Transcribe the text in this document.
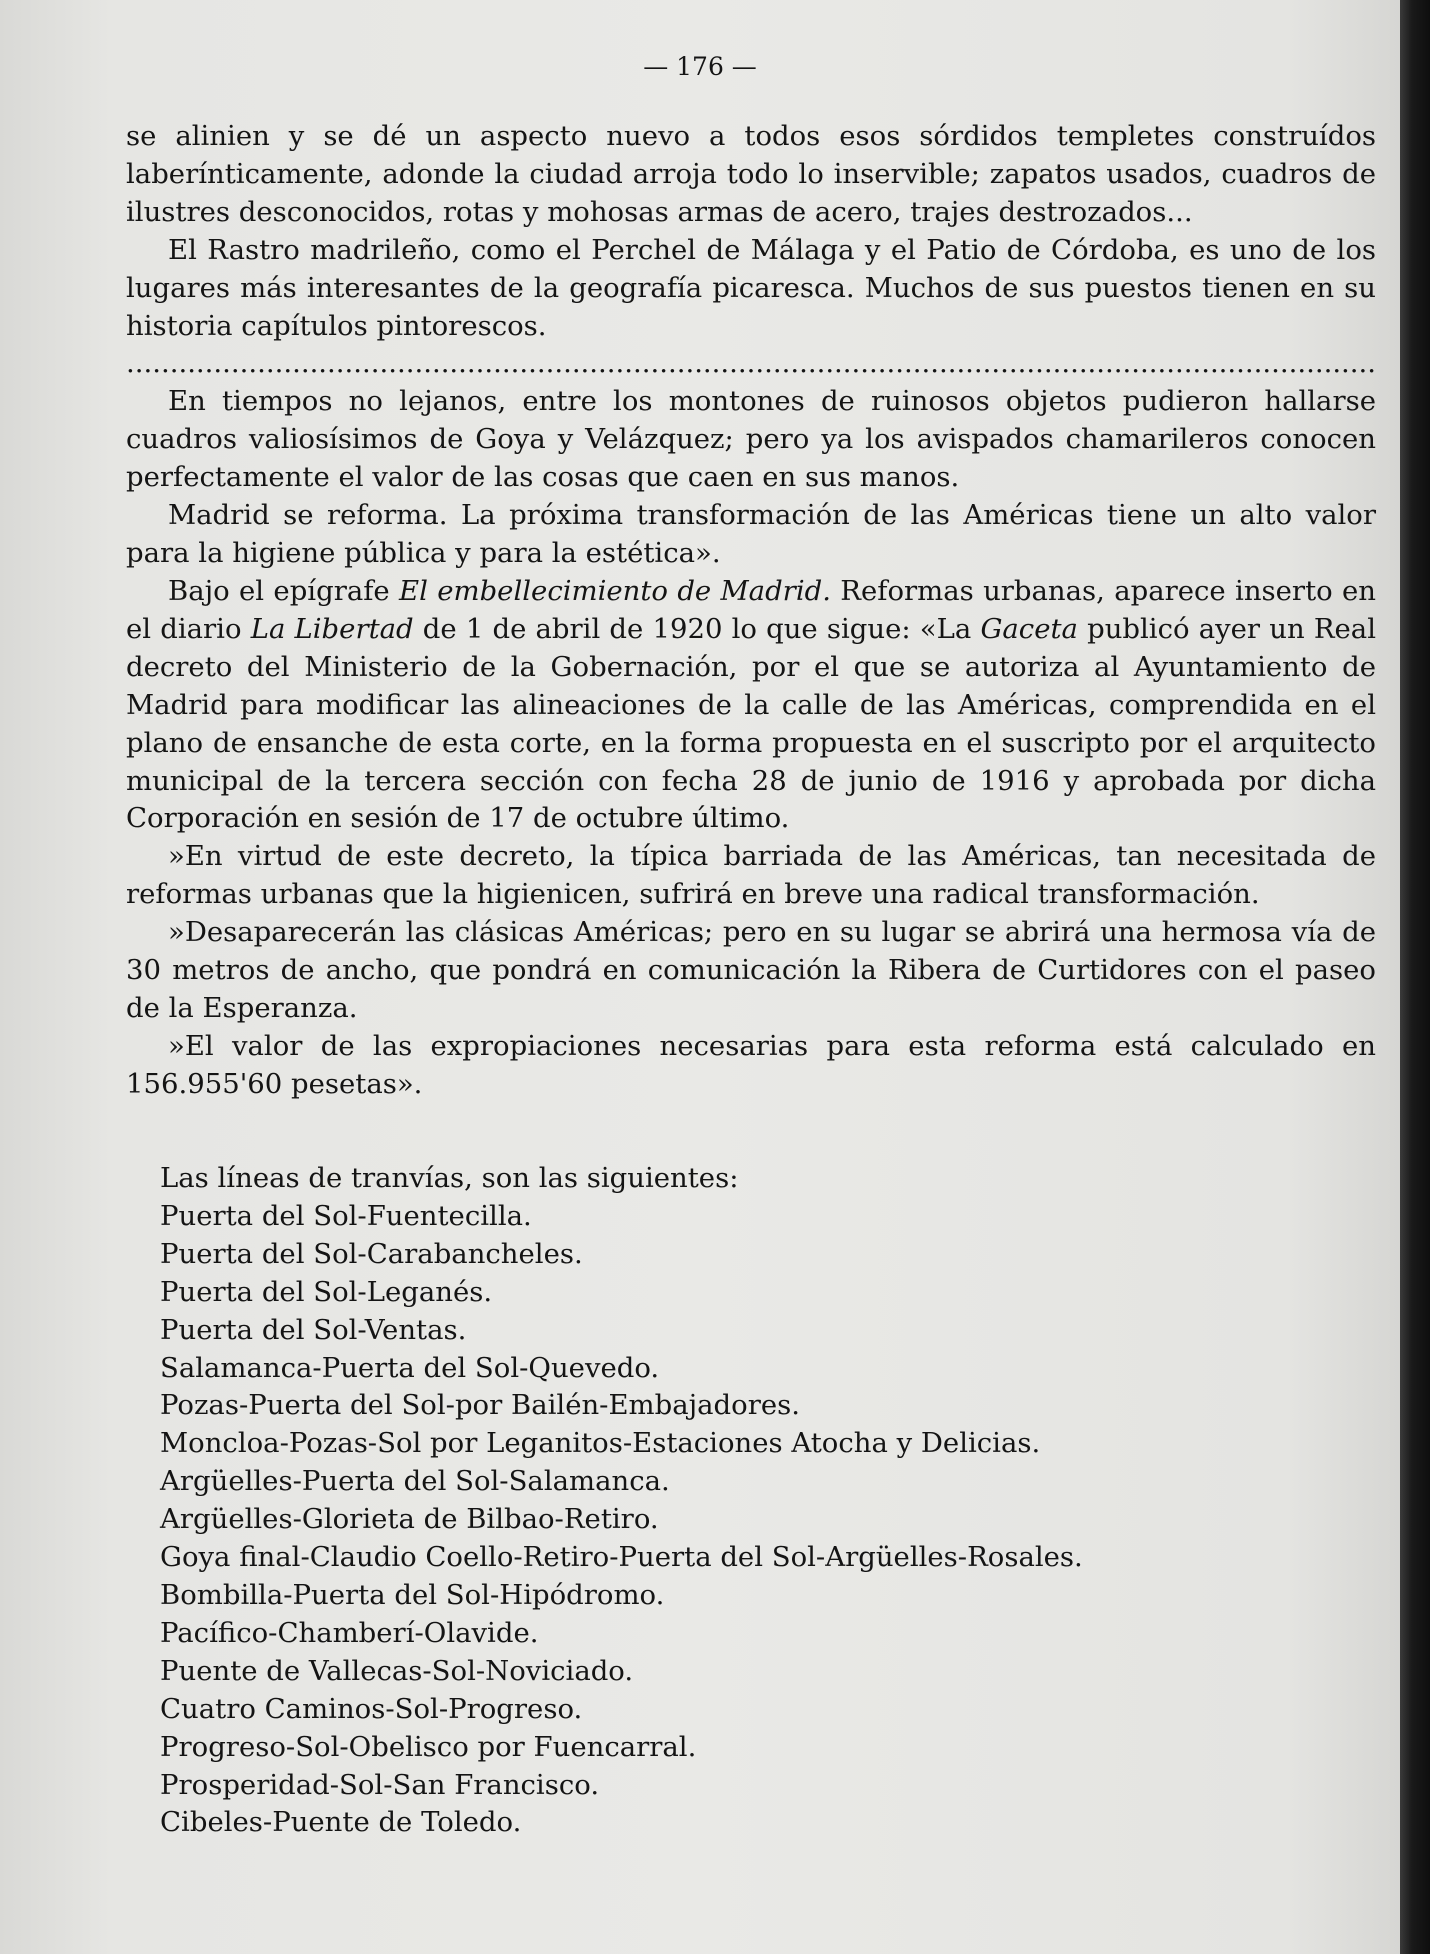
— 176 —

se alinien y se dé un aspecto nuevo a todos esos sórdidos templetes construídos laberínticamente, adonde la ciudad arroja todo lo inservible; zapatos usados, cuadros de ilustres desconocidos, rotas y mohosas armas de acero, trajes destrozados...

El Rastro madrileño, como el Perchel de Málaga y el Patio de Córdoba, es uno de los lugares más interesantes de la geografía picaresca. Muchos de sus puestos tienen en su historia capítulos pintorescos.

.....

En tiempos no lejanos, entre los montones de ruinosos objetos pudieron hallarse cuadros valiosísimos de Goya y Velázquez; pero ya los avispados chamarileros conocen perfectamente el valor de las cosas que caen en sus manos.

Madrid se reforma. La próxima transformación de las Américas tiene un alto valor para la higiene pública y para la estética».

Bajo el epígrafe El embellecimiento de Madrid. Reformas urbanas, aparece inserto en el diario La Libertad de 1 de abril de 1920 lo que sigue: «La Gaceta publicó ayer un Real decreto del Ministerio de la Gobernación, por el que se autoriza al Ayuntamiento de Madrid para modificar las alineaciones de la calle de las Américas, comprendida en el plano de ensanche de esta corte, en la forma propuesta en el suscripto por el arquitecto municipal de la tercera sección con fecha 28 de junio de 1916 y aprobada por dicha Corporación en sesión de 17 de octubre último.

»En virtud de este decreto, la típica barriada de las Américas, tan necesitada de reformas urbanas que la higienicen, sufrirá en breve una radical transformación.

»Desaparecerán las clásicas Américas; pero en su lugar se abrirá una hermosa vía de 30 metros de ancho, que pondrá en comunicación la Ribera de Curtidores con el paseo de la Esperanza.

»El valor de las expropiaciones necesarias para esta reforma está calculado en 156.955'60 pesetas».

Las líneas de tranvías, son las siguientes:
Puerta del Sol-Fuentecilla.
Puerta del Sol-Carabancheles.
Puerta del Sol-Leganés.
Puerta del Sol-Ventas.
Salamanca-Puerta del Sol-Quevedo.
Pozas-Puerta del Sol-por Bailén-Embajadores.
Moncloa-Pozas-Sol por Leganitos-Estaciones Atocha y Delicias.
Argüelles-Puerta del Sol-Salamanca.
Argüelles-Glorieta de Bilbao-Retiro.
Goya final-Claudio Coello-Retiro-Puerta del Sol-Argüelles-Rosales.
Bombilla-Puerta del Sol-Hipódromo.
Pacífico-Chamberí-Olavide.
Puente de Vallecas-Sol-Noviciado.
Cuatro Caminos-Sol-Progreso.
Progreso-Sol-Obelisco por Fuencarral.
Prosperidad-Sol-San Francisco.
Cibeles-Puente de Toledo.
